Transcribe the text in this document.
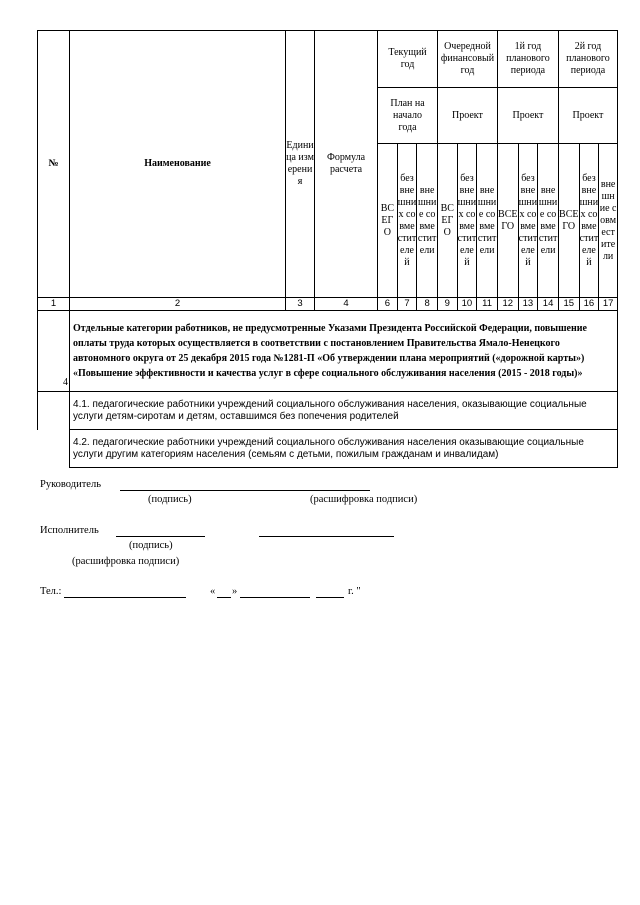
№	Наименование	Единица измерения	Формула расчета	Текущий год			Очередной финансовый год			1й год планового периода			2й год планового периода		
				План на начало года			Проект			Проект			Проект		
				ВСЕГО	без внешних совместителей	внешние совместители	ВСЕГО	без внешних совместителей	внешние совместители	ВСЕГО	без внешних совместителей	внешние совместители	ВСЕГО	без внешних совместителей	внешние совместители
1	2	3	4	6	7	8	9	10	11	12	13	14	15	16	17
4	Отдельные категории работников, не предусмотренные Указами Президента Российской Федерации, повышение оплаты труда которых осуществляется в соответствии с постановлением Правительства Ямало-Ненецкого автономного округа от 25 декабря 2015 года №1281-П «Об утверждении плана мероприятий («дорожной карты») «Повышение эффективности и качества услуг в сфере социального обслуживания населения (2015 - 2018 годы)»														
	4.1. педагогические работники учреждений социального обслуживания населения, оказывающие социальные услуги детям-сиротам и детям, оставшимся без попечения родителей														
	4.2. педагогические работники учреждений социального обслуживания населения оказывающие социальные услуги другим категориям населения (семьям с детьми, пожилым гражданам и инвалидам)														
Руководитель
(подпись)	(расшифровка подписи)
Исполнитель
(подпись)
(расшифровка подписи)
Тел.:	« »	г. "
